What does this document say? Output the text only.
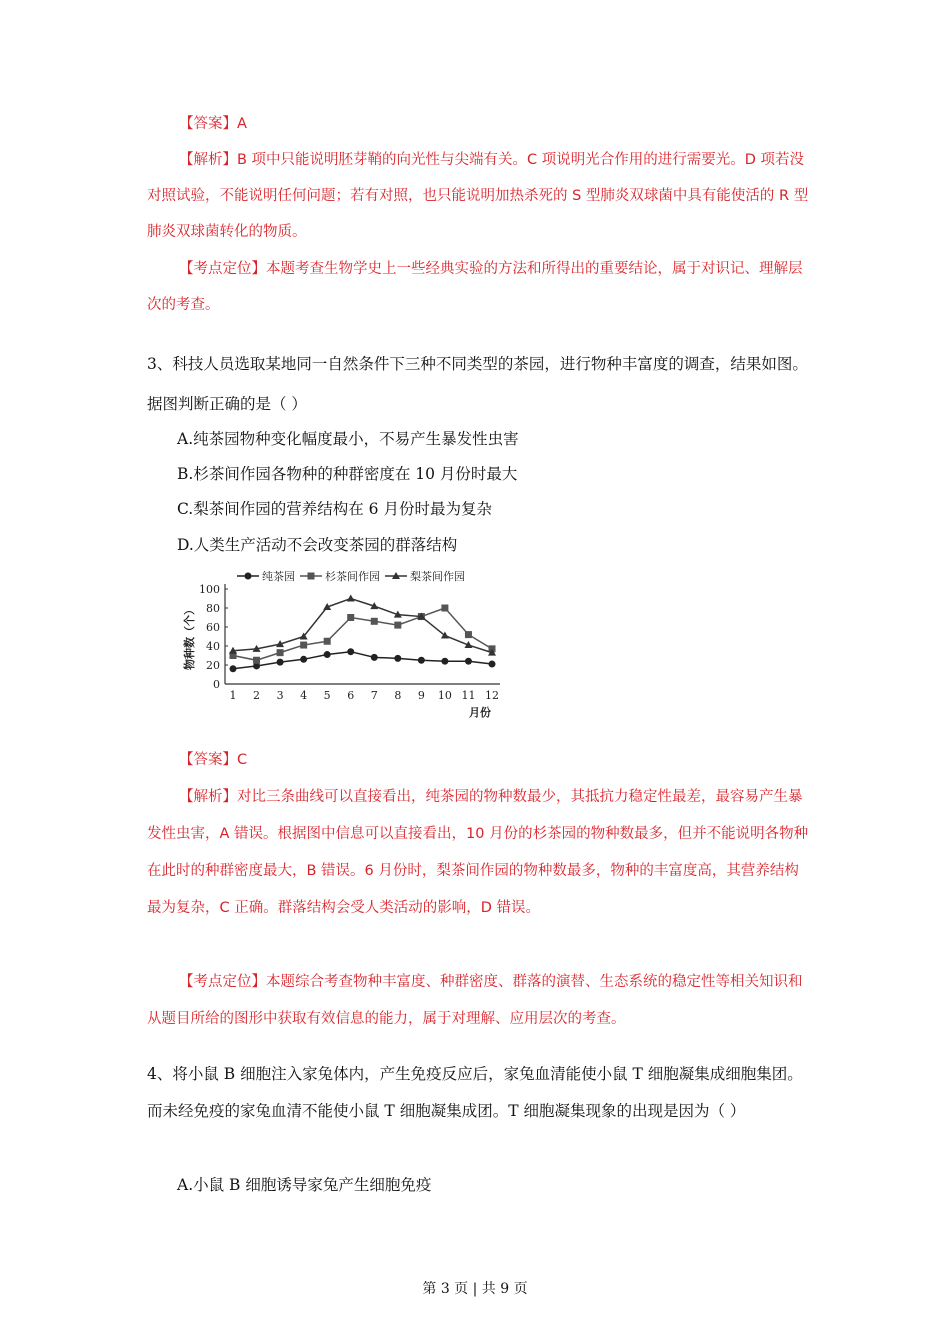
【答案】A
【解析】B 项中只能说明胚芽鞘的向光性与尖端有关。C 项说明光合作用的进行需要光。D 项若没对照试验，不能说明任何问题；若有对照，也只能说明加热杀死的 S 型肺炎双球菌中具有能使活的 R 型肺炎双球菌转化的物质。
【考点定位】本题考查生物学史上一些经典实验的方法和所得出的重要结论，属于对识记、理解层次的考查。
3、科技人员选取某地同一自然条件下三种不同类型的茶园，进行物种丰富度的调查，结果如图。据图判断正确的是（ ）
A.纯茶园物种变化幅度最小，不易产生暴发性虫害
B.杉茶间作园各物种的种群密度在 10 月份时最大
C.梨茶间作园的营养结构在 6 月份时最为复杂
D.人类生产活动不会改变茶园的群落结构
0
20
40
60
80
100
1 2 3 4 5 6 7 8 9 10 11 12
月份
物种数（个）
纯茶园	杉茶间作园	梨茶间作园
【答案】C
【解析】对比三条曲线可以直接看出，纯茶园的物种数最少，其抵抗力稳定性最差，最容易产生暴发性虫害，A 错误。根据图中信息可以直接看出，10 月份的杉茶园的物种数最多，但并不能说明各物种在此时的种群密度最大，B 错误。6 月份时，梨茶间作园的物种数最多，物种的丰富度高，其营养结构最为复杂，C 正确。群落结构会受人类活动的影响，D 错误。
【考点定位】本题综合考查物种丰富度、种群密度、群落的演替、生态系统的稳定性等相关知识和从题目所给的图形中获取有效信息的能力，属于对理解、应用层次的考查。
4、将小鼠 B 细胞注入家兔体内，产生免疫反应后，家兔血清能使小鼠 T 细胞凝集成细胞集团。而未经免疫的家兔血清不能使小鼠 T 细胞凝集成团。T 细胞凝集现象的出现是因为（ ）
A.小鼠 B 细胞诱导家兔产生细胞免疫
第 3 页 | 共 9 页
